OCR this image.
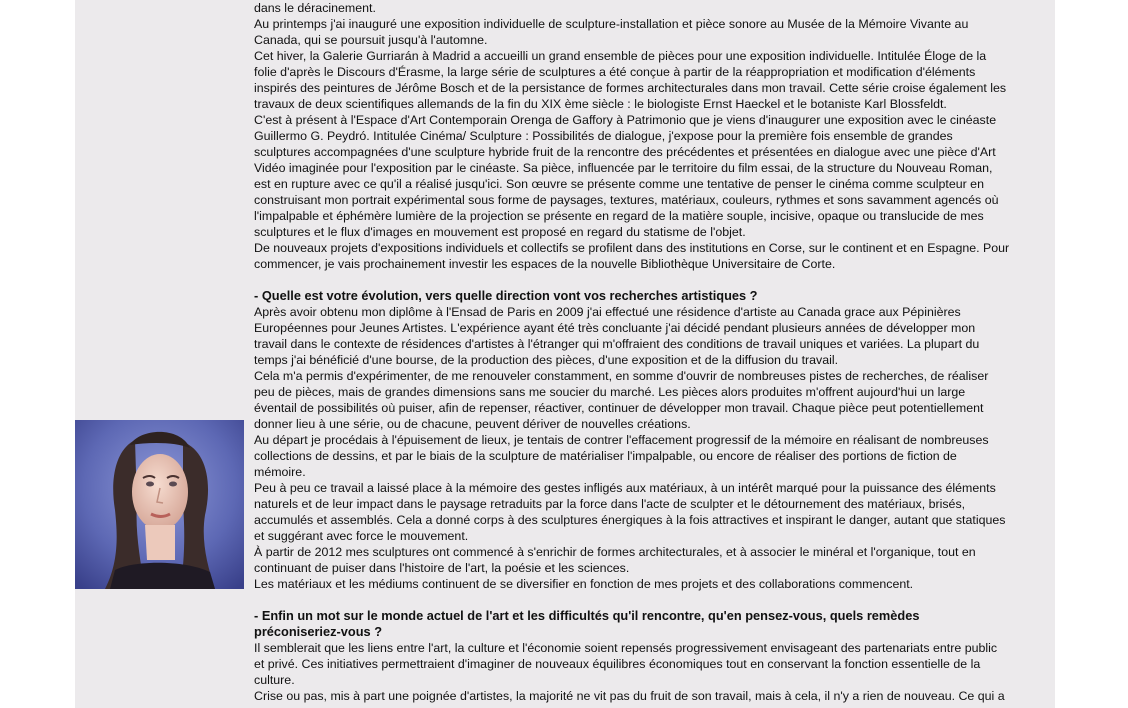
dans le déracinement.

Au printemps j'ai inauguré une exposition individuelle de sculpture-installation et pièce sonore au Musée de la Mémoire Vivante au

Canada, qui se poursuit jusqu'à l'automne.

Cet hiver, la Galerie Gurriarán à Madrid a accueilli un grand ensemble de pièces pour une exposition individuelle. Intitulée Éloge de la

folie d'après le Discours d'Érasme, la large série de sculptures a été conçue à partir de la réappropriation et modification d'éléments

inspirés des peintures de Jérôme Bosch et de la persistance de formes architecturales dans mon travail. Cette série croise également les

travaux de deux scientifiques allemands de la fin du XIX ème siècle : le biologiste Ernst Haeckel et le botaniste Karl Blossfeldt.

C'est à présent à l'Espace d'Art Contemporain Orenga de Gaffory à Patrimonio que je viens d'inaugurer une exposition avec le cinéaste

Guillermo G. Peydró. Intitulée Cinéma/ Sculpture : Possibilités de dialogue, j'expose pour la première fois ensemble de grandes

sculptures accompagnées d'une sculpture hybride fruit de la rencontre des précédentes et présentées en dialogue avec une pièce d'Art

Vidéo imaginée pour l'exposition par le cinéaste. Sa pièce, influencée par le territoire du film essai, de la structure du Nouveau Roman,

est en rupture avec ce qu'il a réalisé jusqu'ici. Son œuvre se présente comme une tentative de penser le cinéma comme sculpteur en

construisant mon portrait expérimental sous forme de paysages, textures, matériaux, couleurs, rythmes et sons savamment agencés où

l'impalpable et éphémère lumière de la projection se présente en regard de la matière souple, incisive, opaque ou translucide de mes

sculptures et le flux d'images en mouvement est proposé en regard du statisme de l'objet.

De nouveaux projets d'expositions individuels et collectifs se profilent dans des institutions en Corse, sur le continent et en Espagne. Pour

commencer, je vais prochainement investir les espaces de la nouvelle Bibliothèque Universitaire de Corte.

- Quelle est votre évolution, vers quelle direction vont vos recherches artistiques ?

Après avoir obtenu mon diplôme à l'Ensad de Paris en 2009 j'ai effectué une résidence d'artiste au Canada grace aux Pépinières

Européennes pour Jeunes Artistes. L'expérience ayant été très concluante j'ai décidé pendant plusieurs années de développer mon

travail dans le contexte de résidences d'artistes à l'étranger qui m'offraient des conditions de travail uniques et variées. La plupart du

temps j'ai bénéficié d'une bourse, de la production des pièces, d'une exposition et de la diffusion du travail.

Cela m'a permis d'expérimenter, de me renouveler constamment, en somme d'ouvrir de nombreuses pistes de recherches, de réaliser

peu de pièces, mais de grandes dimensions sans me soucier du marché. Les pièces alors produites m'offrent aujourd'hui un large

éventail de possibilités où puiser, afin de repenser, réactiver, continuer de développer mon travail. Chaque pièce peut potentiellement

donner lieu à une série, ou de chacune, peuvent dériver de nouvelles créations.

Au départ je procédais à l'épuisement de lieux, je tentais de contrer l'effacement progressif de la mémoire en réalisant de nombreuses

collections de dessins, et par le biais de la sculpture de matérialiser l'impalpable, ou encore de réaliser des portions de fiction de

mémoire.

Peu à peu ce travail a laissé place à la mémoire des gestes infligés aux matériaux, à un intérêt marqué pour la puissance des éléments

naturels et de leur impact dans le paysage retraduits par la force dans l'acte de sculpter et le détournement des matériaux, brisés,

accumulés et assemblés. Cela a donné corps à des sculptures énergiques à la fois attractives et inspirant le danger, autant que statiques

et suggérant avec force le mouvement.

À partir de 2012 mes sculptures ont commencé à s'enrichir de formes architecturales, et à associer le minéral et l'organique, tout en

continuant de puiser dans l'histoire de l'art, la poésie et les sciences.

Les matériaux et les médiums continuent de se diversifier en fonction de mes projets et des collaborations commencent.

- Enfin un mot sur le monde actuel de l'art et les difficultés qu'il rencontre, qu'en pensez-vous, quels remèdes

préconiseriez-vous ?

Il semblerait que les liens entre l'art, la culture et l'économie soient repensés progressivement envisageant des partenariats entre public

et privé. Ces initiatives permettraient d'imaginer de nouveaux équilibres économiques tout en conservant la fonction essentielle de la

culture.

Crise ou pas, mis à part une poignée d'artistes, la majorité ne vit pas du fruit de son travail, mais à cela, il n'y a rien de nouveau. Ce qui a
